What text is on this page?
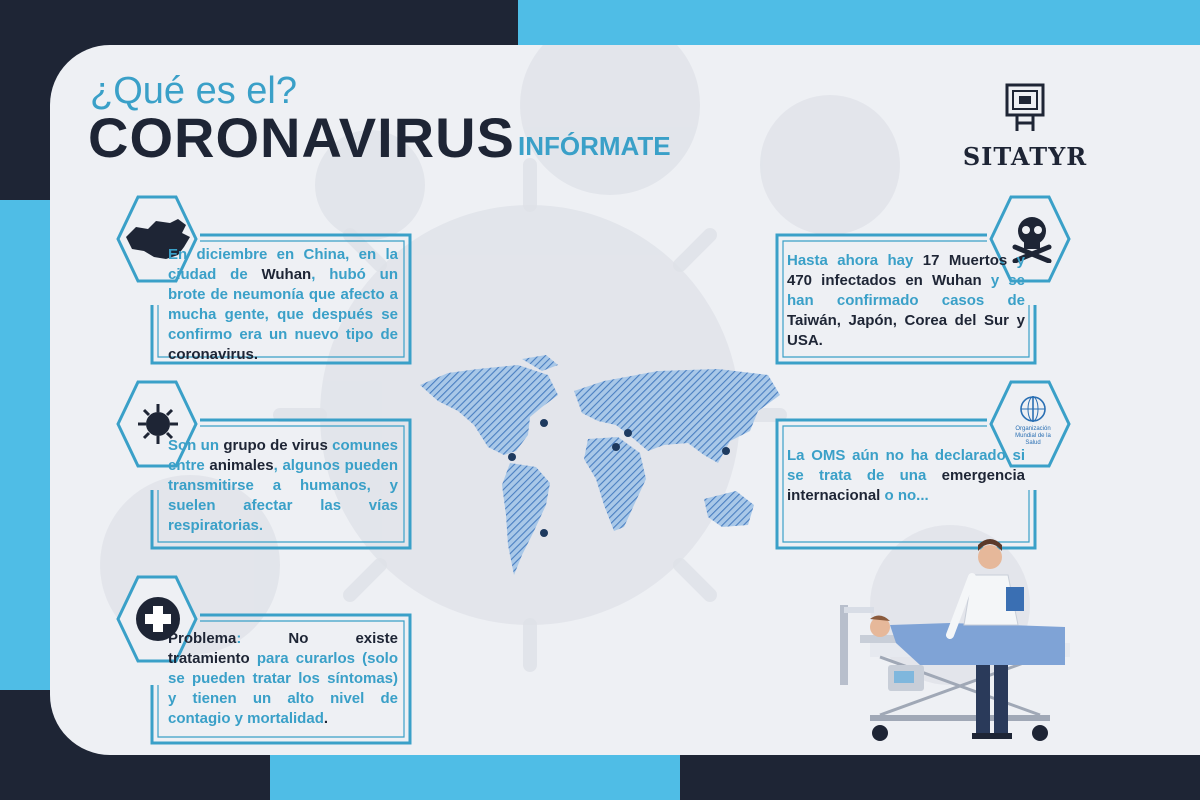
¿Qué es el?
CORONAVIRUS INFÓRMATE	SITATYR
En diciembre en China, en la ciudad de Wuhan, hubó un brote de neumonía que afecto a mucha gente, que después se confirmo era un nuevo tipo de coronavirus.
Son un grupo de virus comunes entre animales, algunos pueden transmitirse a humanos, y suelen afectar las vías respiratorias.
Problema: No existe tratamiento para curarlos (solo se pueden tratar los síntomas) y tienen un alto nivel de contagio y mortalidad.
Hasta ahora hay 17 Muertos y 470 infectados en Wuhan y se han confirmado casos de Taiwán, Japón, Corea del Sur y USA.
Organización Mundial de la Salud
La OMS aún no ha declarado si se trata de una emergencia internacional o no...
